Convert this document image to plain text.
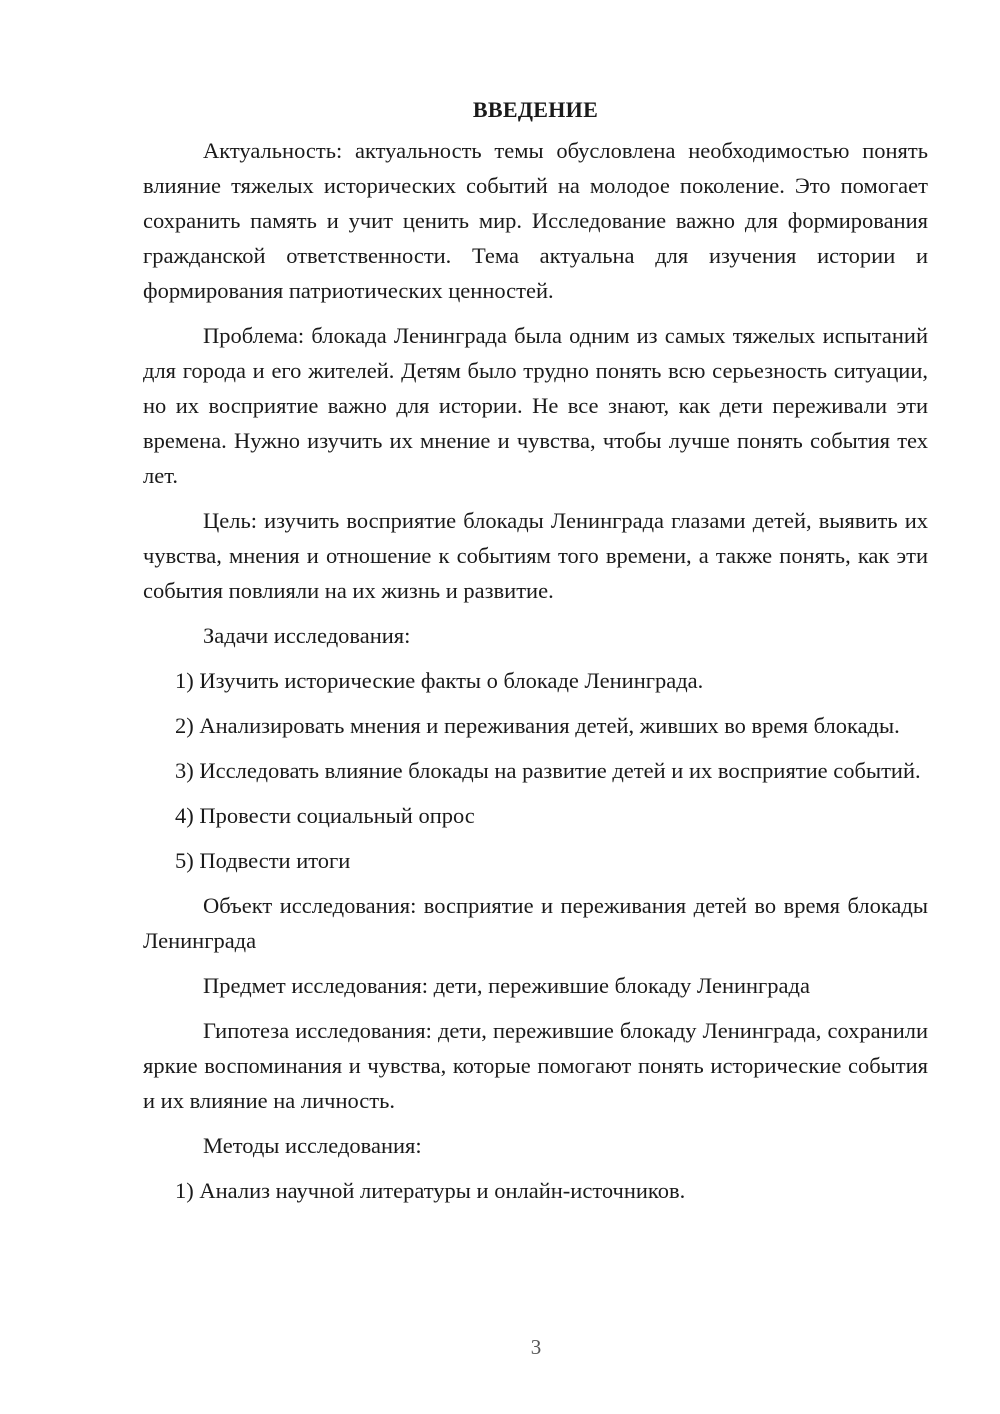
ВВЕДЕНИЕ

Актуальность: актуальность темы обусловлена необходимостью понять влияние тяжелых исторических событий на молодое поколение. Это помогает сохранить память и учит ценить мир. Исследование важно для формирования гражданской ответственности. Тема актуальна для изучения истории и формирования патриотических ценностей.

Проблема: блокада Ленинграда была одним из самых тяжелых испытаний для города и его жителей. Детям было трудно понять всю серьезность ситуации, но их восприятие важно для истории. Не все знают, как дети переживали эти времена. Нужно изучить их мнение и чувства, чтобы лучше понять события тех лет.

Цель: изучить восприятие блокады Ленинграда глазами детей, выявить их чувства, мнения и отношение к событиям того времени, а также понять, как эти события повлияли на их жизнь и развитие.

Задачи исследования:

1) Изучить исторические факты о блокаде Ленинграда.

2) Анализировать мнения и переживания детей, живших во время блокады.

3) Исследовать влияние блокады на развитие детей и их восприятие событий.

4) Провести социальный опрос

5) Подвести итоги

Объект исследования: восприятие и переживания детей во время блокады Ленинграда

Предмет исследования: дети, пережившие блокаду Ленинграда

Гипотеза исследования: дети, пережившие блокаду Ленинграда, сохранили яркие воспоминания и чувства, которые помогают понять исторические события и их влияние на личность.

Методы исследования:

1) Анализ научной литературы и онлайн-источников.

3
